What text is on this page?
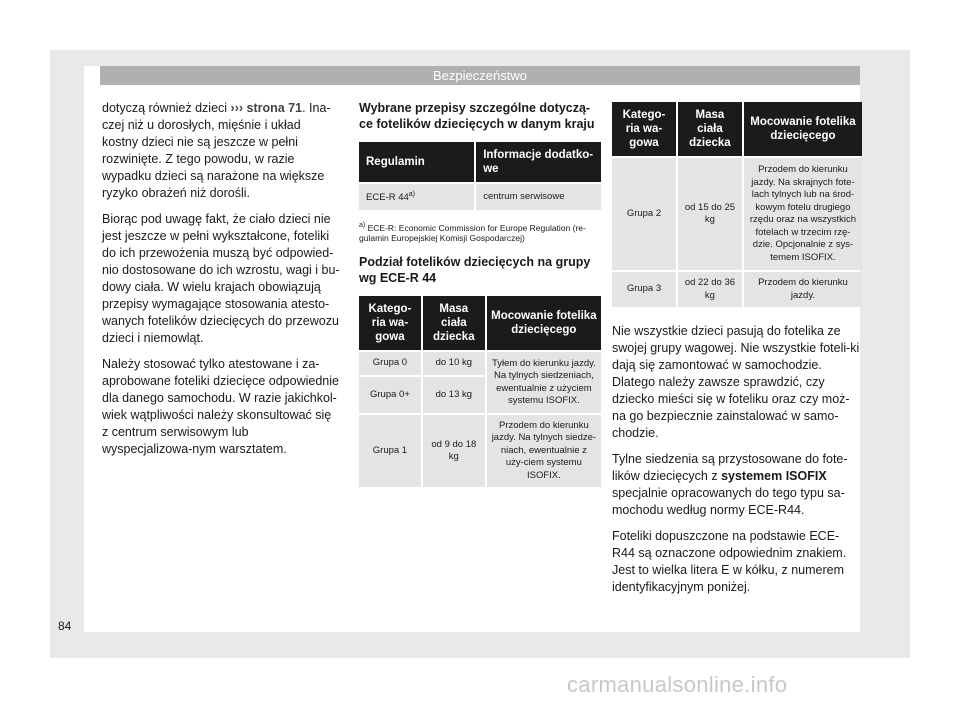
Bezpieczeństwo
dotyczą również dzieci ››› strona 71. Ina-czej niż u dorosłych, mięśnie i układ kostny dzieci nie są jeszcze w pełni rozwinięte. Z tego powodu, w razie wypadku dzieci są narażone na większe ryzyko obrażeń niż dorośli.
Biorąc pod uwagę fakt, że ciało dzieci nie jest jeszcze w pełni wykształcone, foteliki do ich przewożenia muszą być odpowied-nio dostosowane do ich wzrostu, wagi i bu-dowy ciała. W wielu krajach obowiązują przepisy wymagające stosowania atesto-wanych fotelików dziecięcych do przewozu dzieci i niemowląt.
Należy stosować tylko atestowane i za-aprobowane foteliki dziecięce odpowiednie dla danego samochodu. W razie jakichkol-wiek wątpliwości należy skonsultować się z centrum serwisowym lub wyspecjalizowa-nym warsztatem.
Wybrane przepisy szczególne dotyczą-ce fotelików dziecięcych w danym kraju
Regulamin	Informacje dodatko-we
ECE-R 44$^{a)}$	centrum serwisowe
$^{a)}$ ECE-R: Economic Commission for Europe Regulation (re-gulamin Europejskiej Komisji Gospodarczej)
Podział fotelików dziecięcych na grupy wg ECE-R 44
Katego-ria wa-gowa	Masa ciała dziecka	Mocowanie fotelika dziecięcego
Grupa 0	do 10 kg	Tyłem do kierunku jazdy. Na tylnych siedzeniach, ewentualnie z użyciem systemu ISOFIX.
Grupa 0+	do 13 kg	
Grupa 1	od 9 do 18 kg	Przodem do kierunku jazdy. Na tylnych siedze-niach, ewentualnie z uży-ciem systemu ISOFIX.
Katego-ria wa-gowa	Masa ciała dziecka	Mocowanie fotelika dziecięcego
Grupa 2	od 15 do 25 kg	Przodem do kierunku jazdy. Na skrajnych fote-lach tylnych lub na środ-kowym fotelu drugiego rzędu oraz na wszystkich fotelach w trzecim rzę-dzie. Opcjonalnie z sys-temem ISOFIX.
Grupa 3	od 22 do 36 kg	Przodem do kierunku jazdy.
Nie wszystkie dzieci pasują do fotelika ze swojej grupy wagowej. Nie wszystkie foteli-ki dają się zamontować w samochodzie. Dlatego należy zawsze sprawdzić, czy dziecko mieści się w foteliku oraz czy moż-na go bezpiecznie zainstalować w samo-chodzie.
Tylne siedzenia są przystosowane do fote-lików dziecięcych z systemem ISOFIX specjalnie opracowanych do tego typu sa-mochodu według normy ECE-R44.
Foteliki dopuszczone na podstawie ECE-R44 są oznaczone odpowiednim znakiem. Jest to wielka litera E w kółku, z numerem identyfikacyjnym poniżej.
84
carmanualsonline.info
